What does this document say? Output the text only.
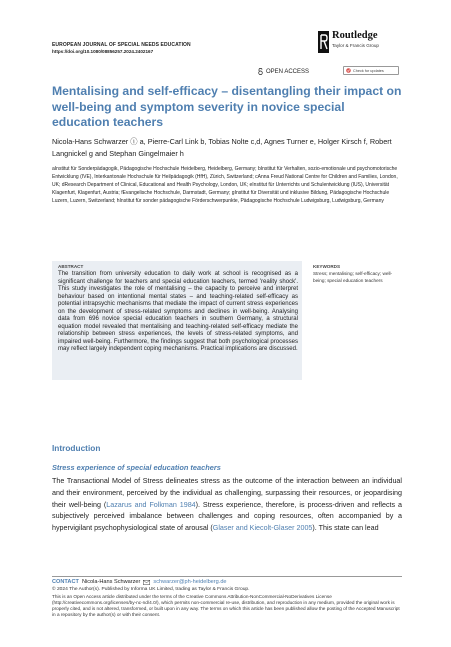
EUROPEAN JOURNAL OF SPECIAL NEEDS EDUCATION
https://doi.org/10.1080/08856257.2024.2402167
Routledge
Taylor & Francis Group
OPEN ACCESS	Check for updates
Mentalising and self-efficacy – disentangling their impact on well-being and symptom severity in novice special education teachers
Nicola-Hans Schwarzer ⓘ a, Pierre-Carl Link b, Tobias Nolte c,d, Agnes Turner e, Holger Kirsch f, Robert Langnickel g and Stephan Gingelmaier h
aInstitut für Sonderpädagogik, Pädagogische Hochschule Heidelberg, Heidelberg, Germany; bInstitut für Verhalten, sozio-emotionale und psychomotorische Entwicklung (IVE), Interkantonale Hochschule für Heilpädagogik (HfH), Zürich, Switzerland; cAnna Freud National Centre for Children and Families, London, UK; dResearch Department of Clinical, Educational and Health Psychology, London, UK; eInstitut für Unterrichts und Schulentwicklung (IUS), Universität Klagenfurt, Klagenfurt, Austria; fEvangelische Hochschule, Darmstadt, Germany; gInstitut für Diversität und inklusive Bildung, Pädagogische Hochschule Luzern, Luzern, Switzerland; hInstitut für sonder pädagogische Förderschwerpunkte, Pädagogische Hochschule Ludwigsburg, Ludwigsburg, Germany
ABSTRACT
The transition from university education to daily work at school is recognised as a significant challenge for teachers and special education teachers, termed 'reality shock'. This study investigates the role of mentalising – the capacity to perceive and interpret behaviour based on intentional mental states – and teaching-related self-efficacy as potential intrapsychic mechanisms that mediate the impact of current stress experiences on the development of stress-related symptoms and declines in well-being. Analysing data from 696 novice special education teachers in southern Germany, a structural equation model revealed that mentalising and teaching-related self-efficacy mediate the relationship between stress experiences, the levels of stress-related symptoms, and impaired well-being. Furthermore, the findings suggest that both psychological processes may reflect largely independent coping mechanisms. Practical implications are discussed.
KEYWORDS
Stress; mentalising; self-efficacy; well-being; special education teachers
Introduction
Stress experience of special education teachers
The Transactional Model of Stress delineates stress as the outcome of the interaction between an individual and their environment, perceived by the individual as challenging, surpassing their resources, or jeopardising their well-being (Lazarus and Folkman 1984). Stress experience, therefore, is process-driven and reflects a subjectively perceived imbalance between challenges and coping resources, often accompanied by a hypervigilant psychophysiological state of arousal (Glaser and Kiecolt-Glaser 2005). This state can lead
CONTACT Nicola-Hans Schwarzer schwarzer@ph-heidelberg.de
© 2024 The Author(s). Published by Informa UK Limited, trading as Taylor & Francis Group.
This is an Open Access article distributed under the terms of the Creative Commons Attribution-NonCommercial-NoDerivatives License (http://creativecommons.org/licenses/by-nc-nd/4.0/), which permits non-commercial re-use, distribution, and reproduction in any medium, provided the original work is properly cited, and is not altered, transformed, or built upon in any way. The terms on which this article has been published allow the posting of the Accepted Manuscript in a repository by the author(s) or with their consent.
